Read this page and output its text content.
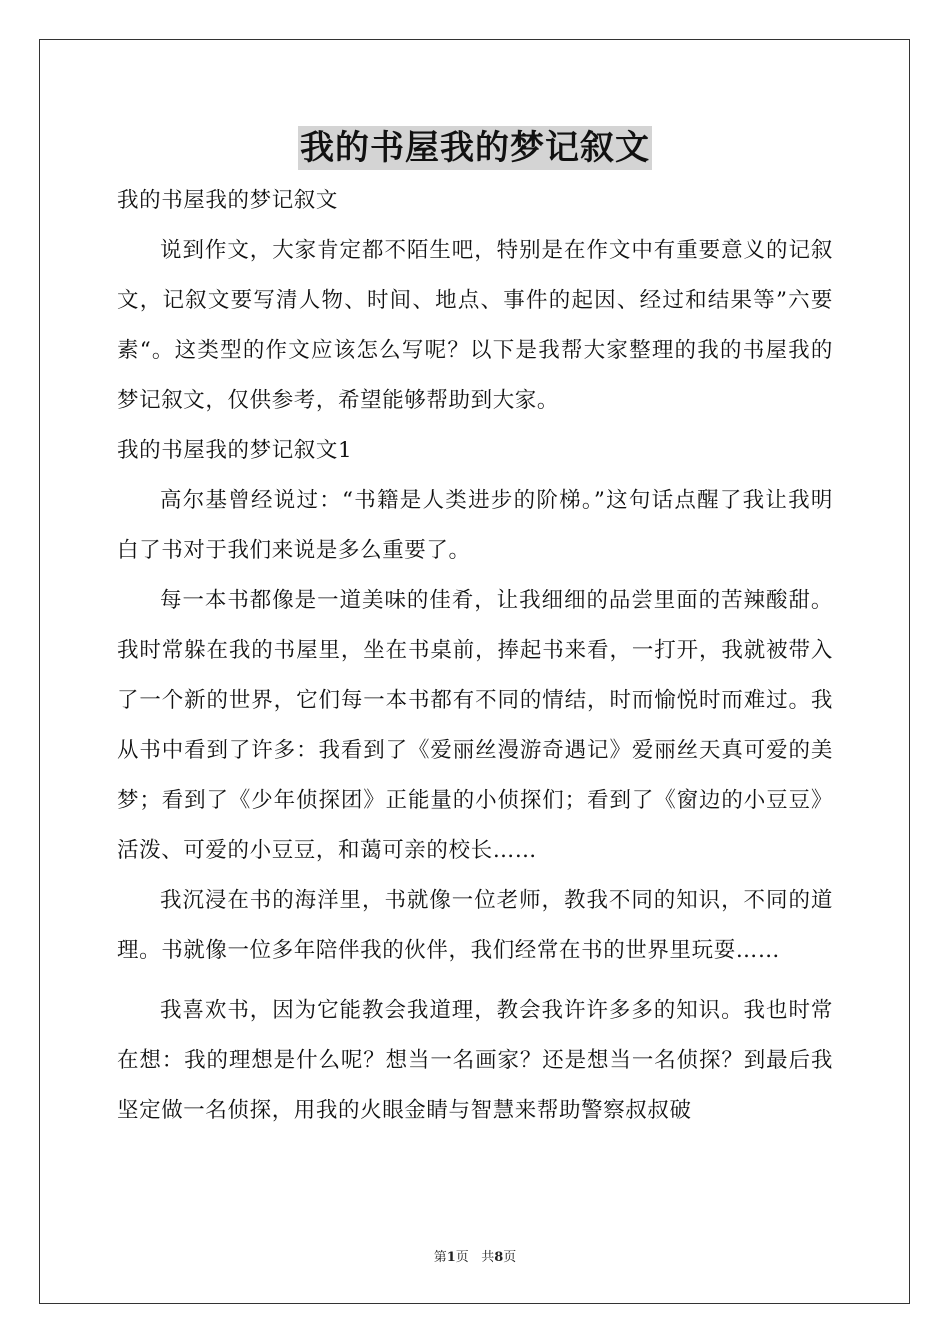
我的书屋我的梦记叙文

我的书屋我的梦记叙文

说到作文，大家肯定都不陌生吧，特别是在作文中有重要意义的记叙文，记叙文要写清人物、时间、地点、事件的起因、经过和结果等”六要素“。这类型的作文应该怎么写呢？以下是我帮大家整理的我的书屋我的梦记叙文，仅供参考，希望能够帮助到大家。

我的书屋我的梦记叙文1

高尔基曾经说过：“书籍是人类进步的阶梯。”这句话点醒了我让我明白了书对于我们来说是多么重要了。

每一本书都像是一道美味的佳肴，让我细细的品尝里面的苦辣酸甜。我时常躲在我的书屋里，坐在书桌前，捧起书来看，一打开，我就被带入了一个新的世界，它们每一本书都有不同的情结，时而愉悦时而难过。我从书中看到了许多：我看到了《爱丽丝漫游奇遇记》爱丽丝天真可爱的美梦；看到了《少年侦探团》正能量的小侦探们；看到了《窗边的小豆豆》活泼、可爱的小豆豆，和蔼可亲的校长……

我沉浸在书的海洋里，书就像一位老师，教我不同的知识，不同的道理。书就像一位多年陪伴我的伙伴，我们经常在书的世界里玩耍……

我喜欢书，因为它能教会我道理，教会我许许多多的知识。我也时常在想：我的理想是什么呢？想当一名画家？还是想当一名侦探？到最后我坚定做一名侦探，用我的火眼金睛与智慧来帮助警察叔叔破

第1页 共8页
